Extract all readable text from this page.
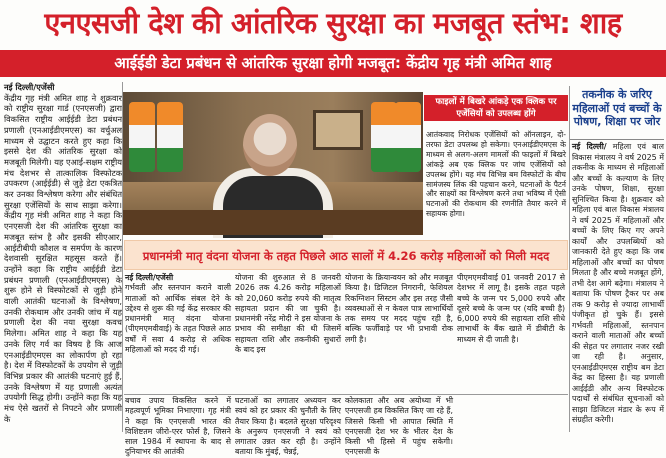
एनएसजी देश की आंतरिक सुरक्षा का मजबूत स्तंभ: शाह
आईईडी डेटा प्रबंधन से आंतरिक सुरक्षा होगी मजबूत: केंद्रीय गृह मंत्री अमित शाह
नई दिल्ली/एजेंसी
केंद्रीय गृह मंत्री अमित शाह ने शुक्रवार को राष्ट्रीय सुरक्षा गार्ड (एनएसजी) द्वारा विकसित राष्ट्रीय आईईडी डेटा प्रबंधन प्रणाली (एनआईडीएमएस) का वर्चुअल माध्यम से उद्घाटन करते हुए कहा कि इससे देश की आंतरिक सुरक्षा को मजबूती मिलेगी। यह एआई-सक्षम राष्ट्रीय मंच देशभर से तात्कालिक विस्फोटक उपकरण (आईईडी) से जुड़े डेटा एकत्रित कर उनका विश्लेषण करेगा और संबंधित सुरक्षा एजेंसियों के साथ साझा करेगा। केंद्रीय गृह मंत्री अमित शाह ने कहा कि एनएसजी देश की आंतरिक सुरक्षा का मजबूत स्तंभ है और इसकी सीएआर, आईटीबीपी कौशल व समर्पण के कारण देशवासी सुरक्षित महसूस करते हैं। उन्होंने कहा कि राष्ट्रीय आईईडी डेटा प्रबंधन प्रणाली (एनआईडीएमएस) के शुरू होने से विस्फोटकों से जुड़ी होने वाली आतंकी घटनाओं के विश्लेषण, उनकी रोकथाम और उनकी जांच में यह प्रणाली देश की नया सुरक्षा कवच मिलेगा। अमित शाह ने कहा कि यह उनके लिए गर्व का विषय है कि आज एनआईडीएमएस का लोकार्पण हो रहा है। देश में विस्फोटकों के उपयोग से जुड़ी विभिन्न प्रकार की आतंकी घटनाएं हुई हैं, उनके विश्लेषण में यह प्रणाली अत्यंत उपयोगी सिद्ध होगी। उन्होंने कहा कि यह मंच ऐसे खतरों से निपटने और प्रणाली के
फाइलों में बिखरे आंकड़े एक क्लिक पर एजेंसियों को उपलब्ध होंगे
आतंकवाद निरोधक एजेंसियों को ऑनलाइन, दो-तरफा डेटा उपलब्ध हो सकेगा। एनआईडीएमएस के माध्यम से अलग-अलग मामलों की फाइलों में बिखरे आंकड़े अब एक क्लिक पर जांच एजेंसियों को उपलब्ध होंगे। यह मंच विभिन्न बम विस्फोटों के बीच सामंजस्य लिंक की पहचान करने, घटनाओं के पैटर्न और साक्ष्यों का विश्लेषण करने तथा भविष्य में ऐसी घटनाओं की रोकथाम की रणनीति तैयार करने में सहायक होगा।
तकनीक के जरिए महिलाओं एवं बच्चों के पोषण, शिक्षा पर जोर
नई दिल्ली/ महिला एवं बाल विकास मंत्रालय ने वर्ष 2025 में तकनीक के माध्यम से महिलाओं और बच्चों के कल्याण के लिए उनके पोषण, शिक्षा, सुरक्षा सुनिश्चित किया है। शुक्रवार को महिला एवं बाल विकास मंत्रालय ने वर्ष 2025 में महिलाओं और बच्चों के लिए किए गए अपने कार्यों और उपलब्धियों को जानकारी देते हुए कहा कि जब महिलाओं और बच्चों का पोषण मिलता है और बच्चे मजबूत होंगे, तभी देश आगे बढ़ेगा। मंत्रालय ने बताया कि पोषण ट्रैकर पर अब तक 9 करोड़ से ज्यादा लाभार्थी पंजीकृत हो चुके हैं। इससे गर्भवती महिलाओं, स्तनपान कराने वाली माताओं और बच्चों की सेहत पर लगातार नजर रखी जा रही है। अनुसार, एनआईडीएमएस राष्ट्रीय बम डेटा केंद्र का हिस्सा है। यह प्रणाली आईईडी और अन्य विस्फोटक पदार्थों से संबंधित सूचनाओं को साझा डिजिटल मंडार के रूप में संग्रहीत करेगी।
प्रधानमंत्री मातृ वंदना योजना के तहत पिछले आठ सालों में 4.26 करोड़ महिलाओं को मिली मदद
नई दिल्ली/एजेंसी
गर्भवती और स्तनपान कराने वाली माताओं को आर्थिक संबल देने के उद्देश्य से शुरू की गई केंद्र सरकार की प्रधानमंत्री मातृ वंदना योजना (पीएमएमवीवाई) के तहत पिछले आठ वर्षों में सवा 4 करोड़ से अधिक महिलाओं को मदद दी गई।
योजना की शुरुआत से 8 जनवरी 2026 तक 4.26 करोड़ महिलाओं को 20,060 करोड़ रुपये की मातृत्व सहायता प्रदान की जा चुकी है। प्रधानमंत्री नरेंद्र मोदी ने इस योजना के प्रभाव की समीक्षा की थी जिसमें सहायता राशि और तकनीकी सुधारों के बाद इस
योजना के क्रियान्वयन को और मजबूत किया है। डिजिटल निगरानी, फेशियल रिकग्निशन सिस्टम और इस तरह जैसी व्यवस्थाओं से न केवल पात्र लाभार्थियों तक समय पर मदद पहुंच रही है, बल्कि फर्जीवाड़े पर भी प्रभावी रोक लगी है।
पीएमएमवीवाई 01 जनवरी 2017 से देशभर में लागू है। इसके तहत पहले बच्चे के जन्म पर 5,000 रुपये और दूसरे बच्चे के जन्म पर (यदि बच्ची है) 6,000 रुपये की सहायता राशि सीधे लाभार्थी के बैंक खाते में डीबीटी के माध्यम से दी जाती है।
बचाव उपाय विकसित करने में महत्वपूर्ण भूमिका निभाएगा। गृह मंत्री ने कहा कि एनएसजी भारत की विशिष्टतम जीरो-एरर फोर्स है, जिसने साल 1984 में स्थापना के बाद से दुनियाभर की आतंकी
घटनाओं का लगातार अध्ययन कर स्वयं को हर प्रकार की चुनौती के लिए तैयार किया है। बदलते सुरक्षा परिदृश्य के अनुरूप एनएसजी ने स्वयं को लगातार उन्नत कर रही है। उन्होंने बताया कि मुंबई, चेन्नई,
कोलकाता और अब अयोध्या में भी एनएसजी हब विकसित किए जा रहे हैं, जिससे किसी भी आपात स्थिति में एनएसजी देश भर के भीतर देश के किसी भी हिस्से में पहुंच सकेगी। एनएसजी के
